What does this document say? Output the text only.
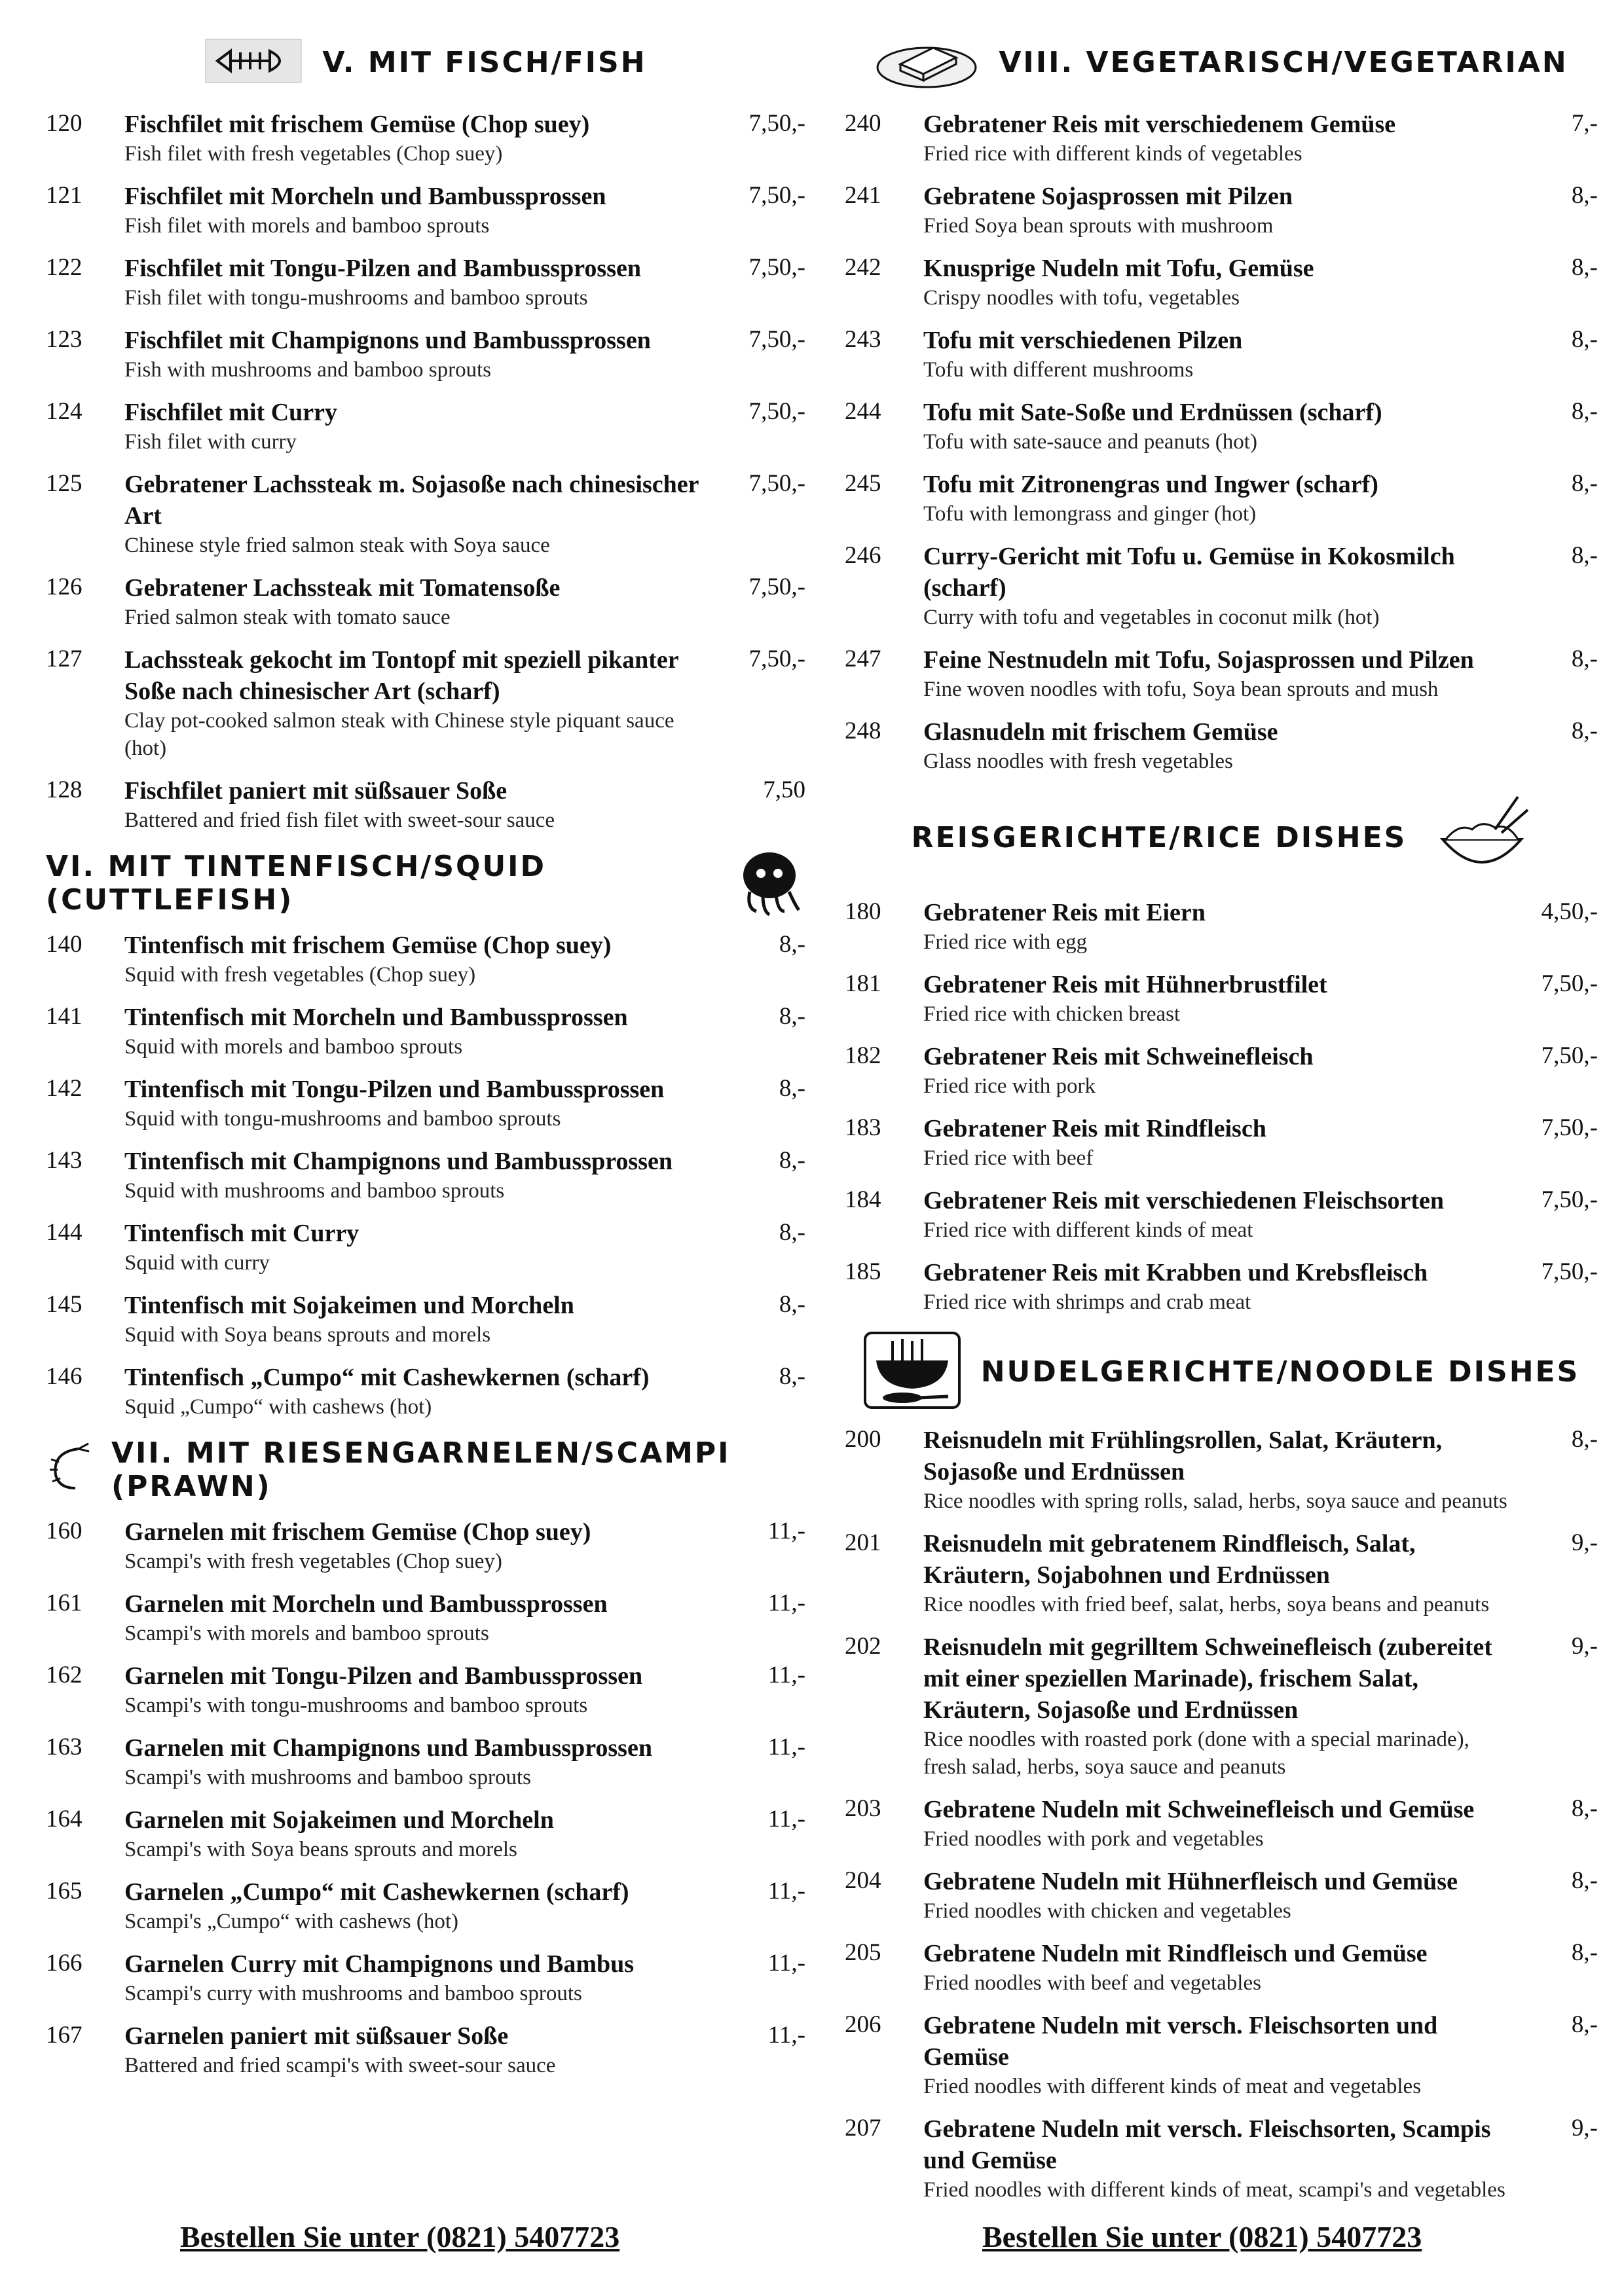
V. MIT FISCH/FISH
120	Fischfilet mit frischem Gemüse (Chop suey)
Fish filet with fresh vegetables (Chop suey)
7,50,-
121	Fischfilet mit Morcheln und Bambussprossen
Fish filet with morels and bamboo sprouts
7,50,-
122	Fischfilet mit Tongu-Pilzen and Bambussprossen
Fish filet with tongu-mushrooms and bamboo sprouts
7,50,-
123	Fischfilet mit Champignons und Bambussprossen
Fish with mushrooms and bamboo sprouts
7,50,-
124	Fischfilet mit Curry
Fish filet with curry
7,50,-
125	Gebratener Lachssteak m. Sojasoße nach chinesischer Art
Chinese style fried salmon steak with Soya sauce
7,50,-
126	Gebratener Lachssteak mit Tomatensoße
Fried salmon steak with tomato sauce
7,50,-
127	Lachssteak gekocht im Tontopf mit speziell pikanter Soße nach chinesischer Art (scharf)
Clay pot-cooked salmon steak with Chinese style piquant sauce (hot)
7,50,-
128	Fischfilet paniert mit süßsauer Soße
Battered and fried fish filet with sweet-sour sauce
7,50
VI. MIT TINTENFISCH/SQUID (CUTTLEFISH)
140	Tintenfisch mit frischem Gemüse (Chop suey)
Squid with fresh vegetables (Chop suey)
8,-
141	Tintenfisch mit Morcheln und Bambussprossen
Squid with morels and bamboo sprouts
8,-
142	Tintenfisch mit Tongu-Pilzen und Bambussprossen
Squid with tongu-mushrooms and bamboo sprouts
8,-
143	Tintenfisch mit Champignons und Bambussprossen
Squid with mushrooms and bamboo sprouts
8,-
144	Tintenfisch mit Curry
Squid with curry
8,-
145	Tintenfisch mit Sojakeimen und Morcheln
Squid with Soya beans sprouts and morels
8,-
146	Tintenfisch „Cumpo“ mit Cashewkernen (scharf)
Squid „Cumpo“ with cashews (hot)
8,-
VII. MIT RIESENGARNELEN/SCAMPI (PRAWN)
160	Garnelen mit frischem Gemüse (Chop suey)
Scampi's with fresh vegetables (Chop suey)
11,-
161	Garnelen mit Morcheln und Bambussprossen
Scampi's with morels and bamboo sprouts
11,-
162	Garnelen mit Tongu-Pilzen and Bambussprossen
Scampi's with tongu-mushrooms and bamboo sprouts
11,-
163	Garnelen mit Champignons und Bambussprossen
Scampi's with mushrooms and bamboo sprouts
11,-
164	Garnelen mit Sojakeimen und Morcheln
Scampi's with Soya beans sprouts and morels
11,-
165	Garnelen „Cumpo“ mit Cashewkernen (scharf)
Scampi's „Cumpo“ with cashews (hot)
11,-
166	Garnelen Curry mit Champignons und Bambus
Scampi's curry with mushrooms and bamboo sprouts
11,-
167	Garnelen paniert mit süßsauer Soße
Battered and fried scampi's with sweet-sour sauce
11,-
VIII. VEGETARISCH/VEGETARIAN
240	Gebratener Reis mit verschiedenem Gemüse
Fried rice with different kinds of vegetables
7,-
241	Gebratene Sojasprossen mit Pilzen
Fried Soya bean sprouts with mushroom
8,-
242	Knusprige Nudeln mit Tofu, Gemüse
Crispy noodles with tofu, vegetables
8,-
243	Tofu mit verschiedenen Pilzen
Tofu with different mushrooms
8,-
244	Tofu mit Sate-Soße und Erdnüssen (scharf)
Tofu with sate-sauce and peanuts (hot)
8,-
245	Tofu mit Zitronengras und Ingwer (scharf)
Tofu with lemongrass and ginger (hot)
8,-
246	Curry-Gericht mit Tofu u. Gemüse in Kokosmilch (scharf)
Curry with tofu and vegetables in coconut milk (hot)
8,-
247	Feine Nestnudeln mit Tofu, Sojasprossen und Pilzen
Fine woven noodles with tofu, Soya bean sprouts and mush
8,-
248	Glasnudeln mit frischem Gemüse
Glass noodles with fresh vegetables
8,-
REISGERICHTE/RICE DISHES
180	Gebratener Reis mit Eiern
Fried rice with egg
4,50,-
181	Gebratener Reis mit Hühnerbrustfilet
Fried rice with chicken breast
7,50,-
182	Gebratener Reis mit Schweinefleisch
Fried rice with pork
7,50,-
183	Gebratener Reis mit Rindfleisch
Fried rice with beef
7,50,-
184	Gebratener Reis mit verschiedenen Fleischsorten
Fried rice with different kinds of meat
7,50,-
185	Gebratener Reis mit Krabben und Krebsfleisch
Fried rice with shrimps and crab meat
7,50,-
NUDELGERICHTE/NOODLE DISHES
200	Reisnudeln mit Frühlingsrollen, Salat, Kräutern, Sojasoße und Erdnüssen
Rice noodles with spring rolls, salad, herbs, soya sauce and peanuts
8,-
201	Reisnudeln mit gebratenem Rindfleisch, Salat, Kräutern, Sojabohnen und Erdnüssen
Rice noodles with fried beef, salat, herbs, soya beans and peanuts
9,-
202	Reisnudeln mit gegrilltem Schweinefleisch (zubereitet mit einer speziellen Marinade), frischem Salat, Kräutern, Sojasoße und Erdnüssen
Rice noodles with roasted pork (done with a special marinade), fresh salad, herbs, soya sauce and peanuts
9,-
203	Gebratene Nudeln mit Schweinefleisch und Gemüse
Fried noodles with pork and vegetables
8,-
204	Gebratene Nudeln mit Hühnerfleisch und Gemüse
Fried noodles with chicken and vegetables
8,-
205	Gebratene Nudeln mit Rindfleisch und Gemüse
Fried noodles with beef and vegetables
8,-
206	Gebratene Nudeln mit versch. Fleischsorten und Gemüse
Fried noodles with different kinds of meat and vegetables
8,-
207	Gebratene Nudeln mit versch. Fleischsorten, Scampis und Gemüse
Fried noodles with different kinds of meat, scampi's and vegetables
9,-
Bestellen Sie unter (0821) 5407723	Bestellen Sie unter (0821) 5407723
